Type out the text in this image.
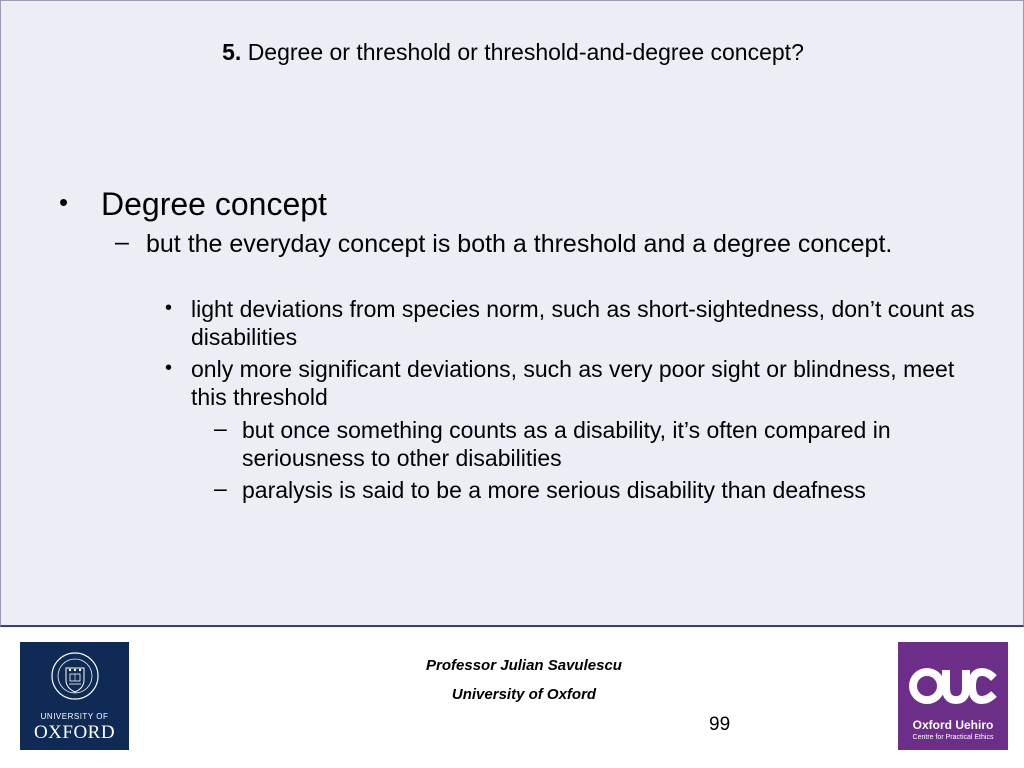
5. Degree or threshold or threshold-and-degree concept?
• Degree concept
– but the everyday concept is both a threshold and a degree concept.
• light deviations from species norm, such as short-sightedness, don’t count as disabilities
• only more significant deviations, such as very poor sight or blindness, meet this threshold
– but once something counts as a disability, it’s often compared in seriousness to other disabilities
– paralysis is said to be a more serious disability than deafness
UNIVERSITY OF
OXFORD
Professor Julian Savulescu
University of Oxford
99	Oxford Uehiro
Centre for Practical Ethics
